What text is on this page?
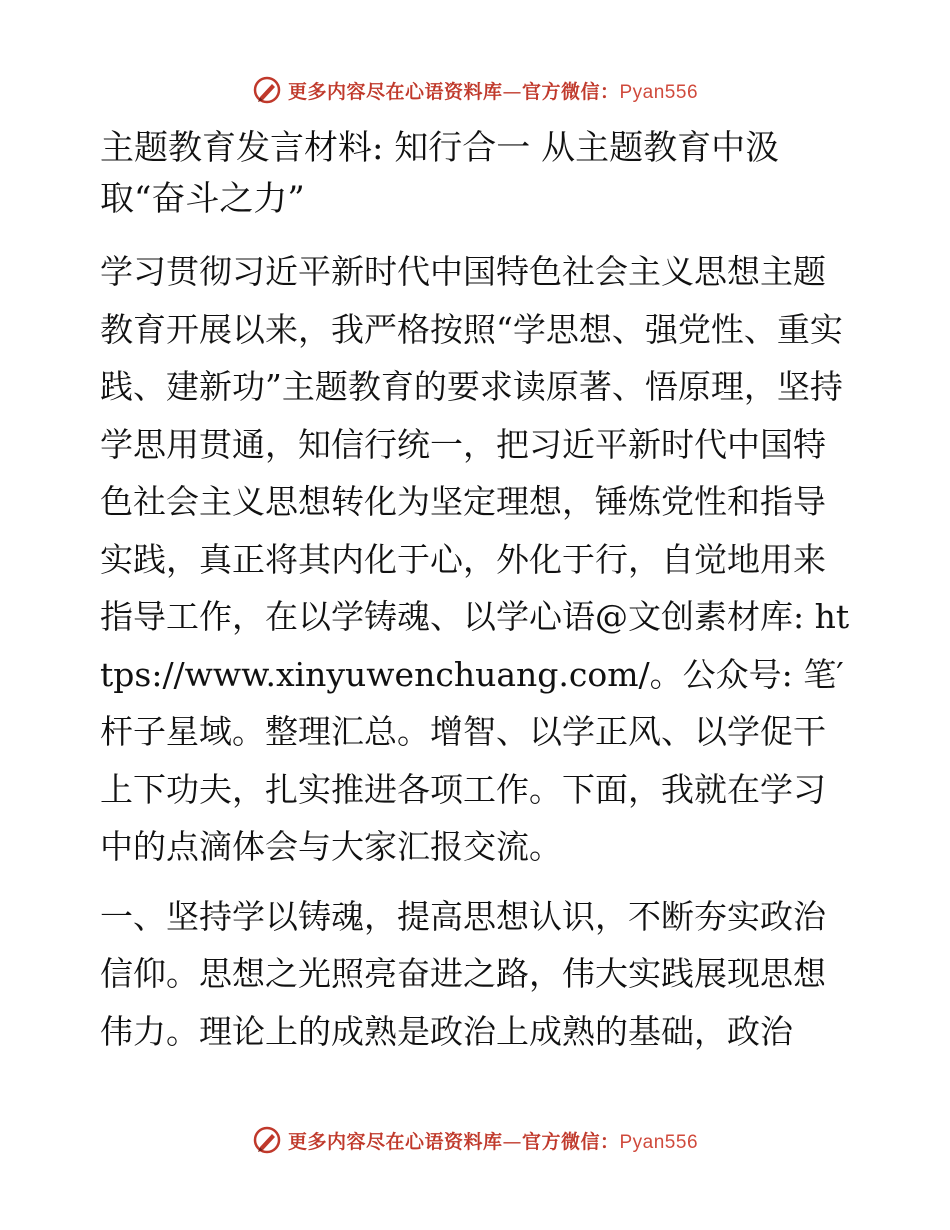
更多内容尽在心语资料库—官方微信：Pyan556
主题教育发言材料: 知行合一 从主题教育中汲取“奋斗之力”

学习贯彻习近平新时代中国特色社会主义思想主题教育开展以来，我严格按照“学思想、强党性、重实践、建新功”主题教育的要求读原著、悟原理，坚持学思用贯通，知信行统一，把习近平新时代中国特色社会主义思想转化为坚定理想，锤炼党性和指导实践，真正将其内化于心，外化于行，自觉地用来指导工作，在以学铸魂、以学心语@文创素材库: https://www.xinyuwenchuang.com/。公众号: 笔′杆子星域。整理汇总。增智、以学正风、以学促干上下功夫，扎实推进各项工作。下面，我就在学习中的点滴体会与大家汇报交流。

一、坚持学以铸魂，提高思想认识，不断夯实政治信仰。思想之光照亮奋进之路，伟大实践展现思想伟力。理论上的成熟是政治上成熟的基础，政治

更多内容尽在心语资料库—官方微信：Pyan556
